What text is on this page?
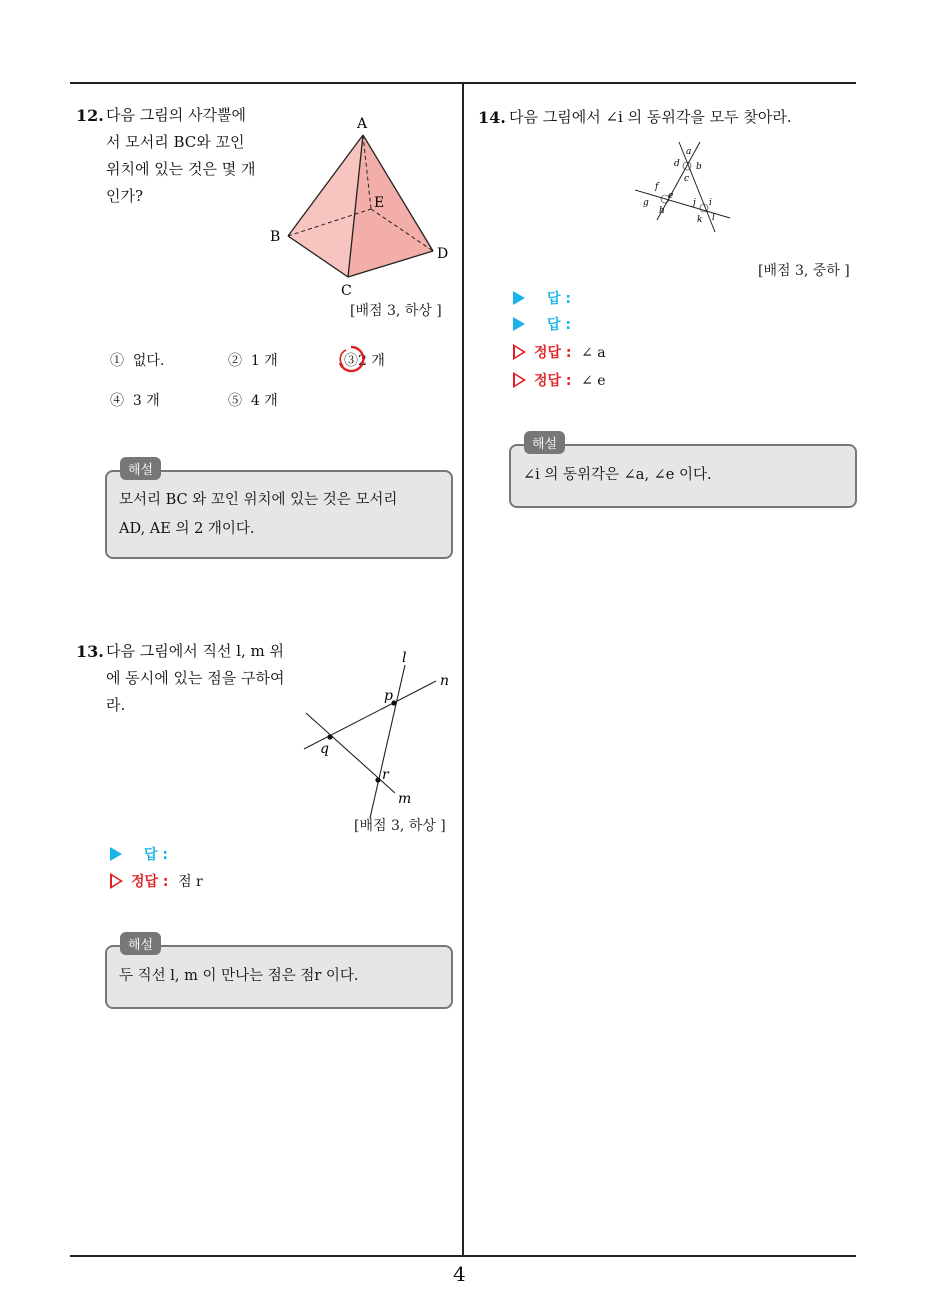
4
12. 다음 그림의 사각뿔에
서 모서리 BC와 꼬인
위치에 있는 것은 몇 개
인가?
A
B
C
D
E
[배점 3, 하상 ]
① 없다.	② 1 개	③2 개
④ 3 개	⑤ 4 개
모서리 BC 와 꼬인 위치에 있는 것은 모서리
AD, AE 의 2 개이다.
해설
13. 다음 그림에서 직선 l, m 위
에 동시에 있는 점을 구하여
라.
l
n
p
q
r
m
[배점 3, 하상 ]
답 :
정답 : 점 r
두 직선 l, m 이 만나는 점은 점r 이다.
해설
14. 다음 그림에서 ∠i 의 동위각을 모두 찾아라.
a
b
c
d
e
f
g
h
i
j
k l
[배점 3, 중하 ]
답 :
답 :
정답 : ∠ a
정답 : ∠ e
∠i 의 동위각은 ∠a, ∠e 이다.
해설
